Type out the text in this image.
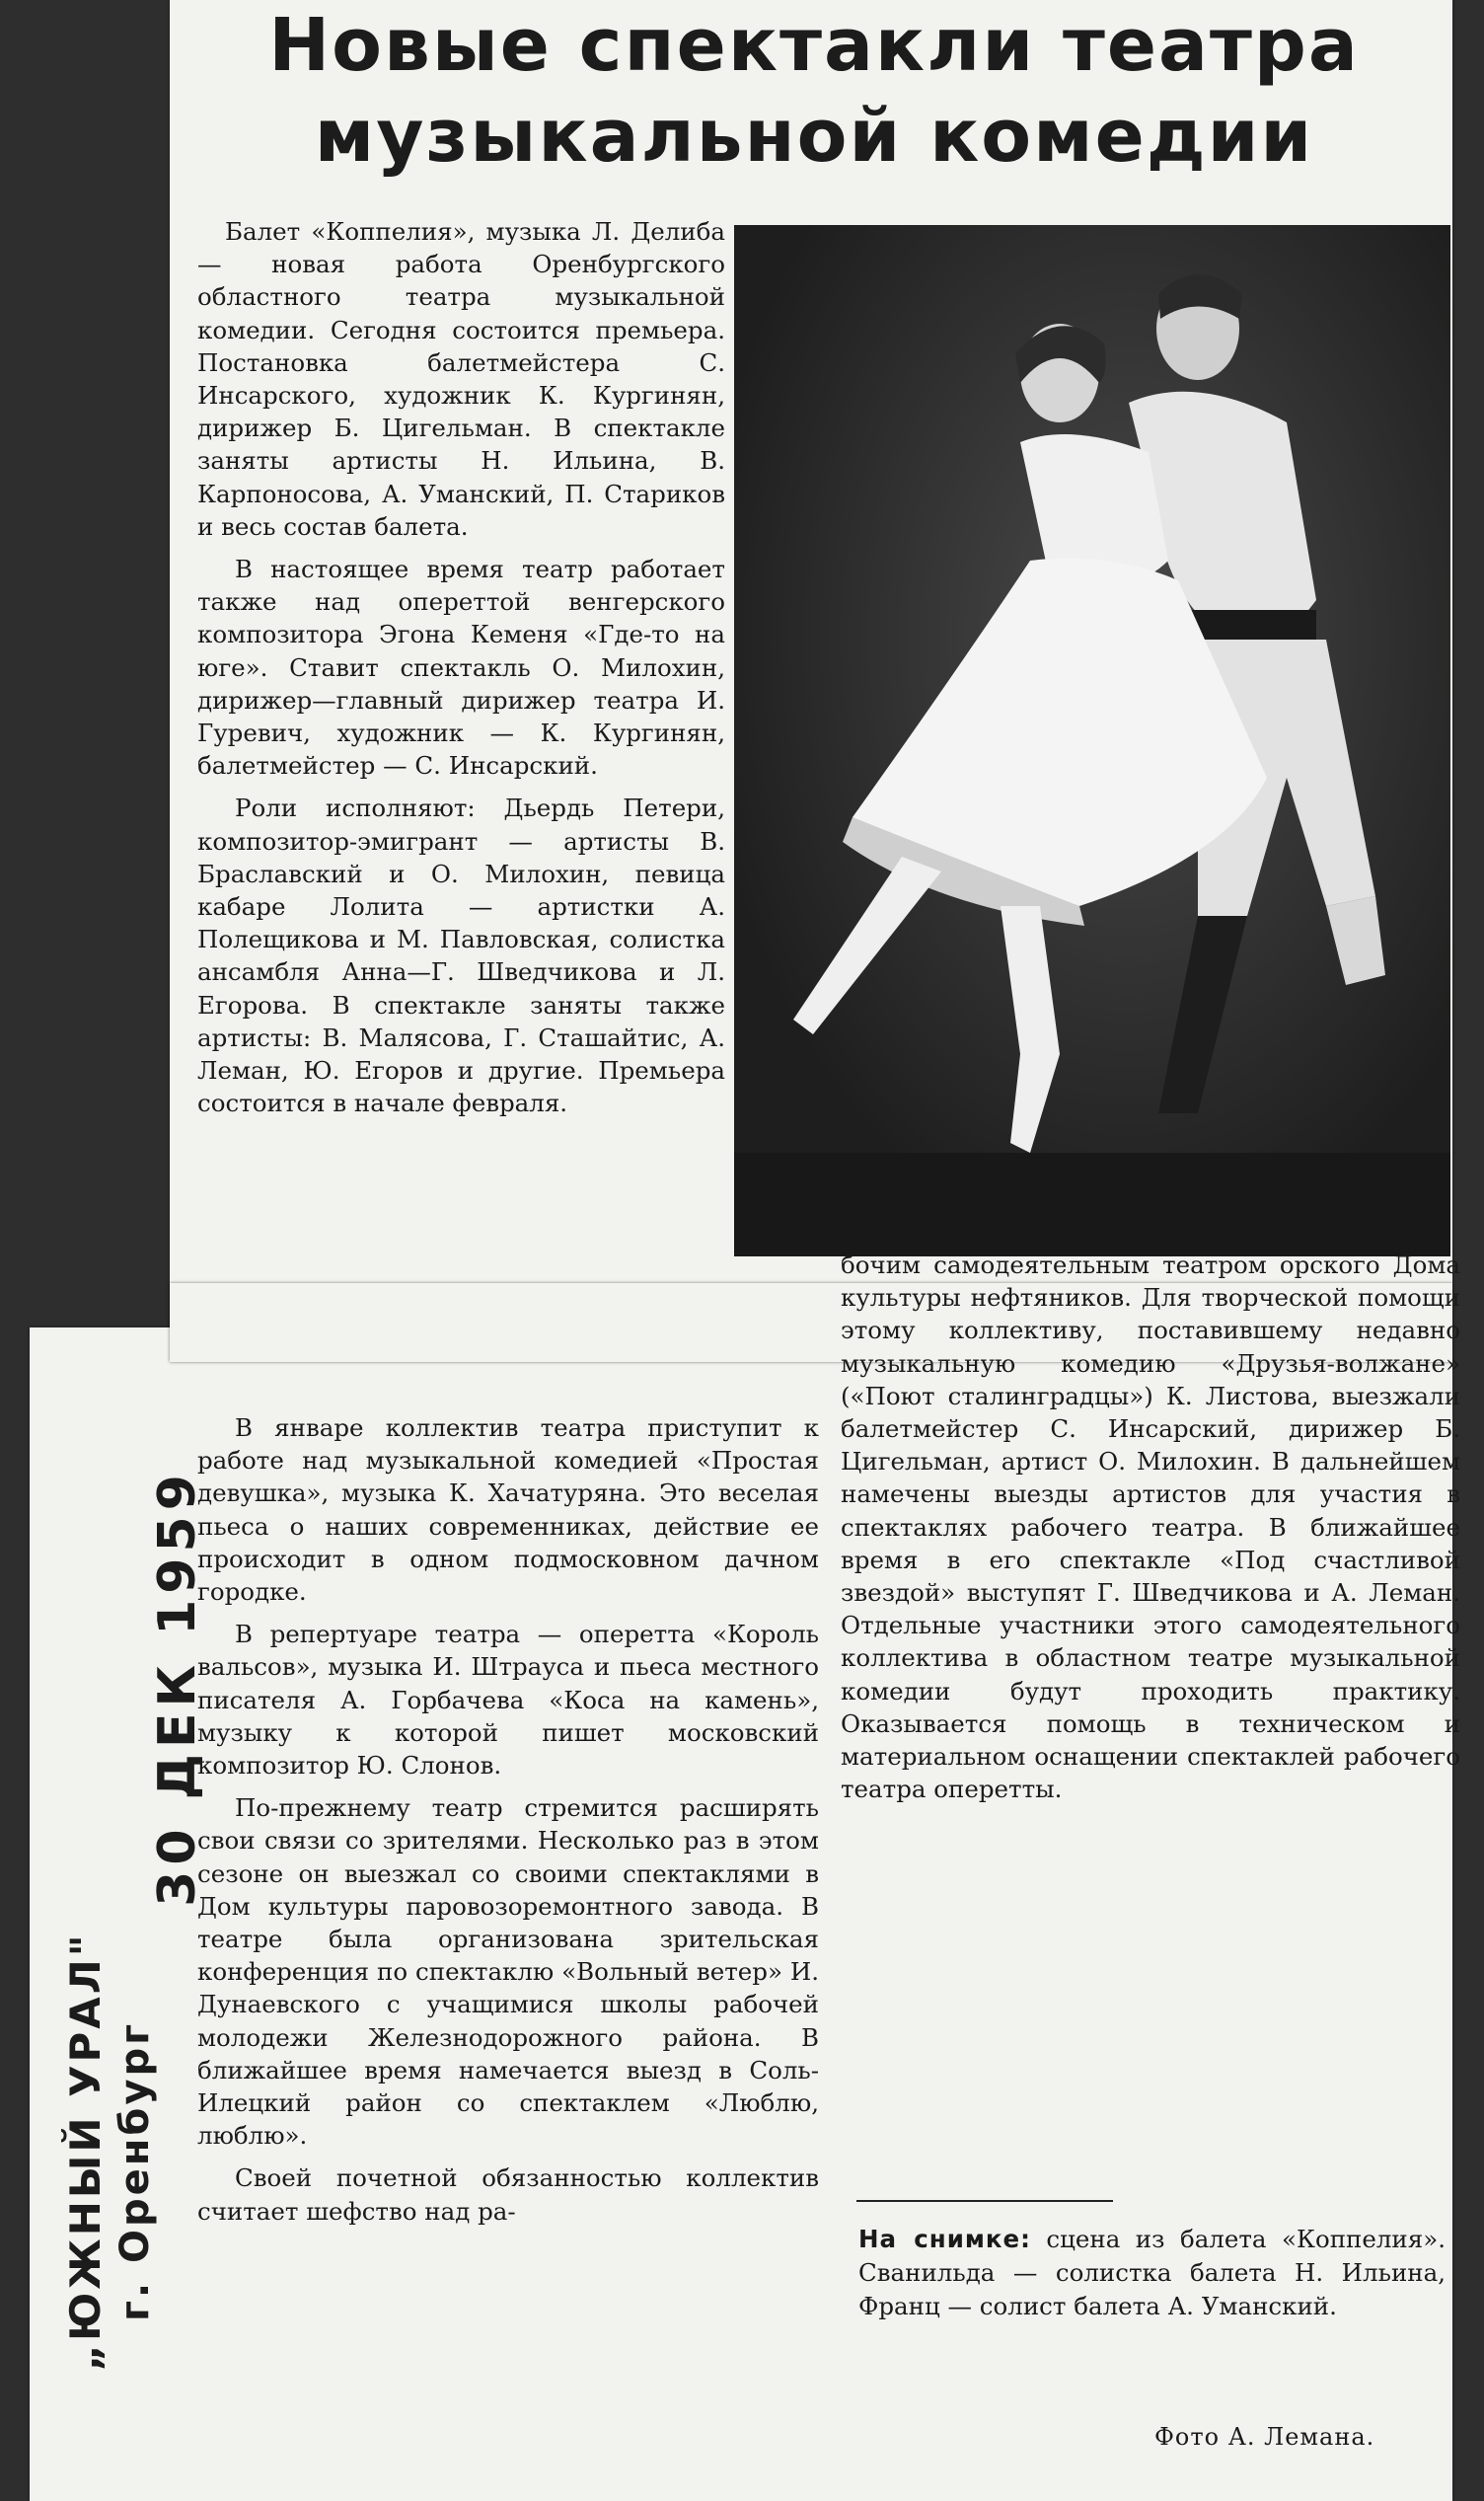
Новые спектакли театра
музыкальной комедии

Балет «Коппелия», музыка Л. Делиба — новая работа Оренбургского областного театра музыкальной комедии. Сегодня состоится премьера. Постановка балетмейстера С. Инсарского, художник К. Кургинян, дирижер Б. Цигельман. В спектакле заняты артисты Н. Ильина, В. Карпоносова, А. Уманский, П. Стариков и весь состав балета.

В настоящее время театр работает также над опереттой венгерского композитора Эгона Кеменя «Где-то на юге». Ставит спектакль О. Милохин, дирижер—главный дирижер театра И. Гуревич, художник — К. Кургинян, балетмейстер — С. Инсарский.

Роли исполняют: Дьердь Петери, композитор-эмигрант — артисты В. Браславский и О. Милохин, певица кабаре Лолита — артистки А. Полещикова и М. Павловская, солистка ансамбля Анна—Г. Шведчикова и Л. Егорова. В спектакле заняты также артисты: В. Малясова, Г. Сташайтис, А. Леман, Ю. Егоров и другие. Премьера состоится в начале февраля.

В январе коллектив театра приступит к работе над музыкальной комедией «Простая девушка», музыка К. Хачатуряна. Это веселая пьеса о наших современниках, действие ее происходит в одном подмосковном дачном городке.

В репертуаре театра — оперетта «Король вальсов», музыка И. Штрауса и пьеса местного писателя А. Горбачева «Коса на камень», музыку к которой пишет московский композитор Ю. Слонов.

По-прежнему театр стремится расширять свои связи со зрителями. Несколько раз в этом сезоне он выезжал со своими спектаклями в Дом культуры паровозоремонтного завода. В театре была организована зрительская конференция по спектаклю «Вольный ветер» И. Дунаевского с учащимися школы рабочей молодежи Железнодорожного района. В ближайшее время намечается выезд в Соль-Илецкий район со спектаклем «Люблю, люблю».

Своей почетной обязанностью коллектив считает шефство над ра-

бочим самодеятельным театром орского Дома культуры нефтяников. Для творческой помощи этому коллективу, поставившему недавно музыкальную комедию «Друзья-волжане» («Поют сталинградцы») К. Листова, выезжали балетмейстер С. Инсарский, дирижер Б. Цигельман, артист О. Милохин. В дальнейшем намечены выезды артистов для участия в спектаклях рабочего театра. В ближайшее время в его спектакле «Под счастливой звездой» выступят Г. Шведчикова и А. Леман. Отдельные участники этого самодеятельного коллектива в областном театре музыкальной комедии будут проходить практику. Оказывается помощь в техническом и материальном оснащении спектаклей рабочего театра оперетты.

На снимке: сцена из балета «Коппелия». Сванильда — солистка балета Н. Ильина, Франц — солист балета А. Уманский.
Фото А. Лемана.
30 ДЕК 1959
„ЮЖНЫЙ УРАЛ" г. Оренбург
